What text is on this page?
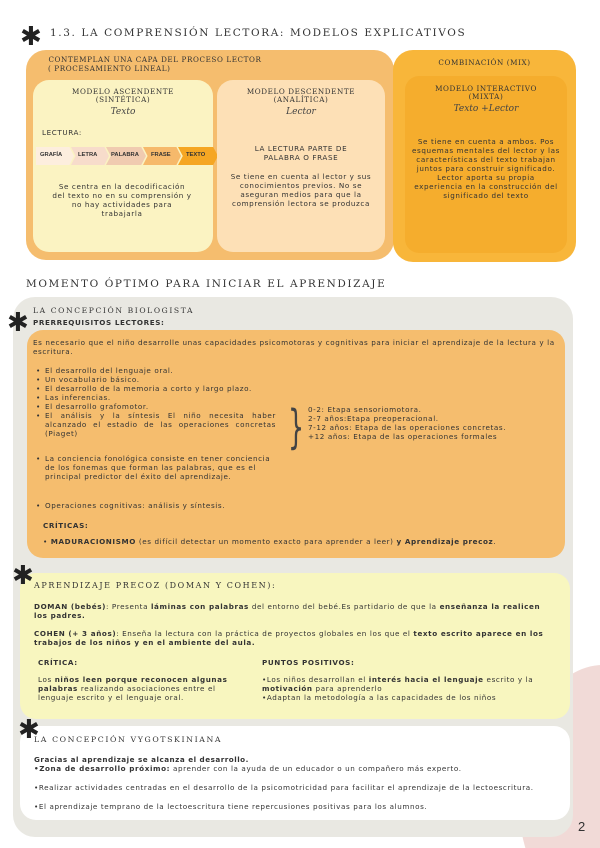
✱ 1.3. LA COMPRENSIÓN LECTORA: MODELOS EXPLICATIVOS
CONTEMPLAN UNA CAPA DEL PROCESO LECTOR
( PROCESAMIENTO LINEAL)
MODELO ASCENDENTE
(SINTÉTICA)
Texto
LECTURA:
GRAFÍA	LETRA PALABRA FRASE	TEXTO
Se centra en la decodificación del texto no en su comprensión y no hay actividades para trabajarla
MODELO DESCENDENTE
(ANALÍTICA)
Lector
LA LECTURA PARTE DE PALABRA O FRASE
Se tiene en cuenta al lector y sus conocimientos previos. No se aseguran medios para que la comprensión lectora se produzca
COMBINACIÓN (MIX)
MODELO INTERACTIVO
(MIXTA)
Texto +Lector
Se tiene en cuenta a ambos. Pos esquemas mentales del lector y las características del texto trabajan juntos para construir significado. Lector aporta su propia experiencia en la construcción del significado del texto
MOMENTO ÓPTIMO PARA INICIAR EL APRENDIZAJE
✱ LA CONCEPCIÓN BIOLOGISTA
PRERREQUISITOS LECTORES:
Es necesario que el niño desarrolle unas capacidades psicomotoras y cognitivas para iniciar el aprendizaje de la lectura y la escritura.
• El desarrollo del lenguaje oral.
• Un vocabulario básico.
• El desarrollo de la memoria a corto y largo plazo.
• Las inferencias.
• El desarrollo grafomotor.
• El análisis y la síntesis El niño necesita haber alcanzado el estadio de las operaciones concretas (Piaget)	} 0-2: Etapa sensoriomotora.
2-7 años:Etapa preoperacional.
7-12 años: Etapa de las operaciones concretas.
+12 años: Etapa de las operaciones formales
• La conciencia fonológica consiste en tener conciencia de los fonemas que forman las palabras, que es el principal predictor del éxito del aprendizaje.
• Operaciones cognitivas: análisis y síntesis.
CRÍTICAS:
• MADURACIONISMO (es difícil detectar un momento exacto para aprender a leer) y Aprendizaje precoz.
✱ APRENDIZAJE PRECOZ (DOMAN Y COHEN):
DOMAN (bebés): Presenta láminas con palabras del entorno del bebé.Es partidario de que la enseñanza la realicen los padres.
COHEN (+ 3 años): Enseña la lectura con la práctica de proyectos globales en los que el texto escrito aparece en los trabajos de los niños y en el ambiente del aula.
CRÍTICA:
Los niños leen porque reconocen algunas palabras realizando asociaciones entre el lenguaje escrito y el lenguaje oral.
PUNTOS POSITIVOS:
•Los niños desarrollan el interés hacia el lenguaje escrito y la motivación para aprenderlo
•Adaptan la metodología a las capacidades de los niños
✱
LA CONCEPCIÓN VYGOTSKINIANA
Gracias al aprendizaje se alcanza el desarrollo.
•Zona de desarrollo próximo: aprender con la ayuda de un educador o un compañero más experto.
•Realizar actividades centradas en el desarrollo de la psicomotricidad para facilitar el aprendizaje de la lectoescritura.
•El aprendizaje temprano de la lectoescritura tiene repercusiones positivas para los alumnos.
2
